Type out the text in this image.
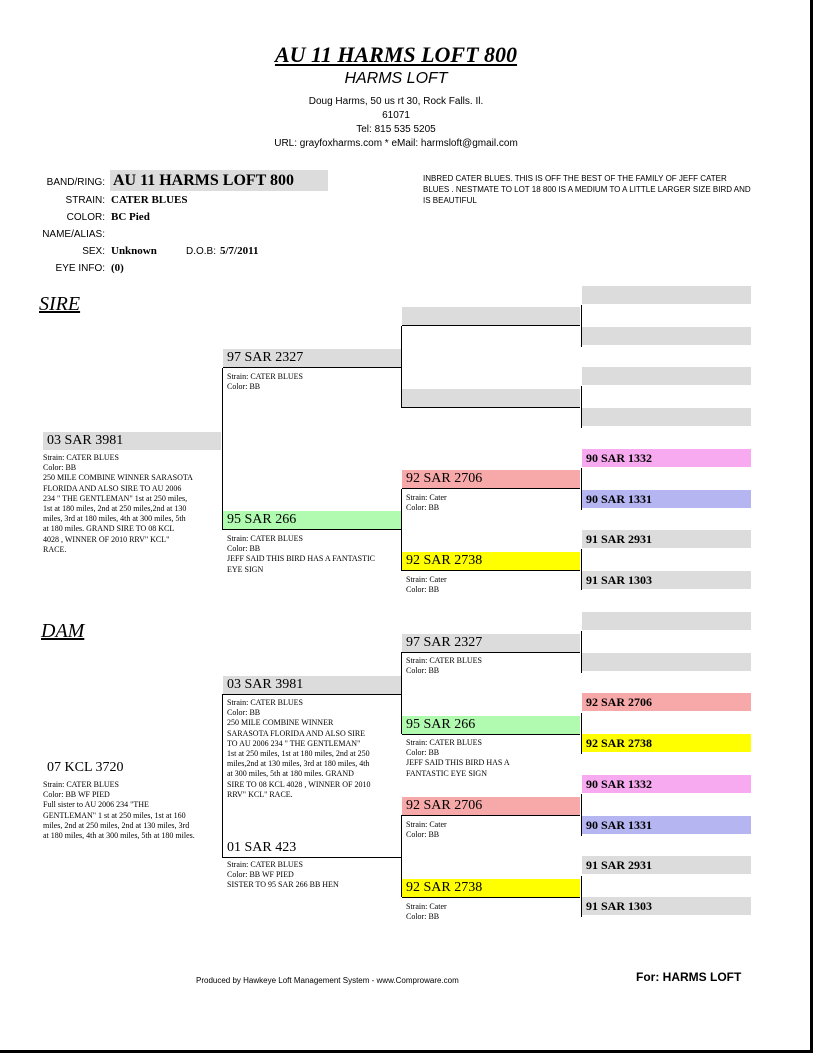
AU 11 HARMS LOFT 800
HARMS LOFT
Doug Harms, 50 us rt 30, Rock Falls. Il.
61071
Tel: 815 535 5205
URL: grayfoxharms.com * eMail: harmsloft@gmail.com
BAND/RING: AU 11 HARMS LOFT 800
STRAIN: CATER BLUES
COLOR: BC Pied
NAME/ALIAS:
SEX: Unknown	D.O.B: 5/7/2011
EYE INFO: (0)
INBRED CATER BLUES. THIS IS OFF THE BEST OF THE FAMILY OF JEFF CATER BLUES . NESTMATE TO LOT 18 800 IS A MEDIUM TO A LITTLE LARGER SIZE BIRD AND IS BEAUTIFUL
SIRE
DAM
03 SAR 3981
Strain: CATER BLUES
Color: BB
250 MILE COMBINE WINNER SARASOTA
FLORIDA AND ALSO SIRE TO AU 2006
234 " THE GENTLEMAN" 1st at 250 miles,
1st at 180 miles, 2nd at 250 miles,2nd at 130
miles, 3rd at 180 miles, 4th at 300 miles, 5th
at 180 miles. GRAND SIRE TO 08 KCL
4028 , WINNER OF 2010 RRV" KCL"
RACE.
97 SAR 2327
Strain: CATER BLUES
Color: BB
95 SAR 266
Strain: CATER BLUES
Color: BB
JEFF SAID THIS BIRD HAS A FANTASTIC
EYE SIGN
92 SAR 2706
Strain: Cater
Color: BB
92 SAR 2738
Strain: Cater
Color: BB
90 SAR 1332
90 SAR 1331
91 SAR 2931
91 SAR 1303
07 KCL 3720
Strain: CATER BLUES
Color: BB WF PIED
Full sister to AU 2006 234 "THE
GENTLEMAN" 1 st at 250 miles, 1st at 160
miles, 2nd at 250 miles, 2nd at 130 miles, 3rd
at 180 miles, 4th at 300 miles, 5th at 180 miles.
03 SAR 3981
Strain: CATER BLUES
Color: BB
250 MILE COMBINE WINNER
SARASOTA FLORIDA AND ALSO SIRE
TO AU 2006 234 " THE GENTLEMAN"
1st at 250 miles, 1st at 180 miles, 2nd at 250
miles,2nd at 130 miles, 3rd at 180 miles, 4th
at 300 miles, 5th at 180 miles. GRAND
SIRE TO 08 KCL 4028 , WINNER OF 2010
RRV" KCL" RACE.
01 SAR 423
Strain: CATER BLUES
Color: BB WF PIED
SISTER TO 95 SAR 266 BB HEN
97 SAR 2327
Strain: CATER BLUES
Color: BB
95 SAR 266
Strain: CATER BLUES
Color: BB
JEFF SAID THIS BIRD HAS A
FANTASTIC EYE SIGN
92 SAR 2706
Strain: Cater
Color: BB
92 SAR 2738
Strain: Cater
Color: BB
92 SAR 2706
92 SAR 2738
90 SAR 1332
90 SAR 1331
91 SAR 2931
91 SAR 1303
Produced by Hawkeye Loft Management System - www.Comproware.com	For: HARMS LOFT
